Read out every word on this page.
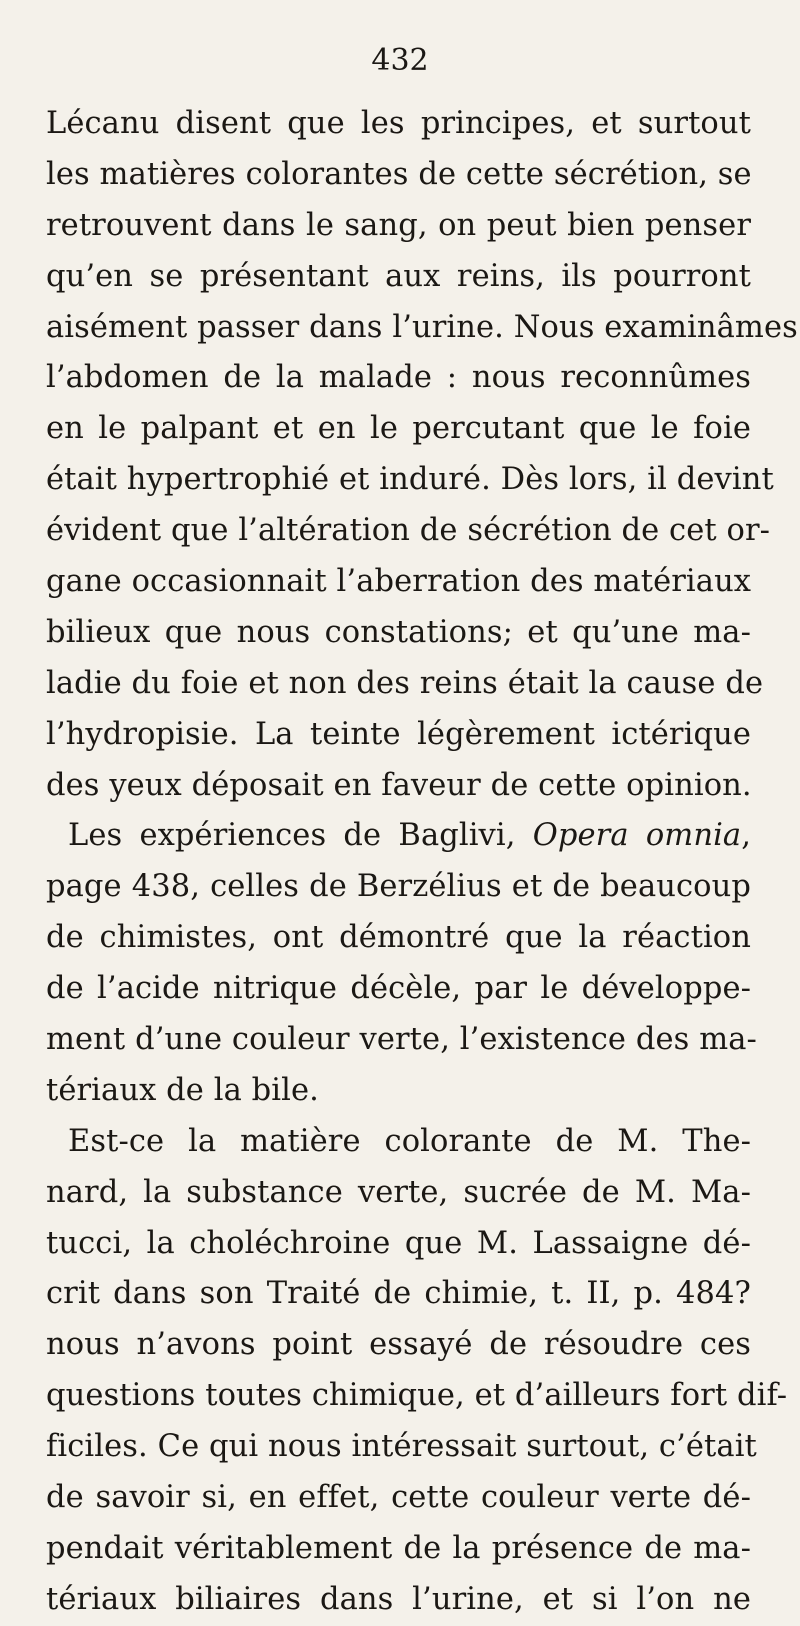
432
Lécanu disent que les principes, et surtout
les matières colorantes de cette sécrétion, se
retrouvent dans le sang, on peut bien penser
qu’en se présentant aux reins, ils pourront
aisément passer dans l’urine. Nous examinâmes
l’abdomen de la malade : nous reconnûmes
en le palpant et en le percutant que le foie
était hypertrophié et induré. Dès lors, il devint
évident que l’altération de sécrétion de cet or-
gane occasionnait l’aberration des matériaux
bilieux que nous constations; et qu’une ma-
ladie du foie et non des reins était la cause de
l’hydropisie. La teinte légèrement ictérique
des yeux déposait en faveur de cette opinion.
Les expériences de Baglivi, Opera omnia,
page 438, celles de Berzélius et de beaucoup
de chimistes, ont démontré que la réaction
de l’acide nitrique décèle, par le développe-
ment d’une couleur verte, l’existence des ma-
tériaux de la bile.
Est-ce la matière colorante de M. The-
nard, la substance verte, sucrée de M. Ma-
tucci, la choléchroine que M. Lassaigne dé-
crit dans son Traité de chimie, t. II, p. 484?
nous n’avons point essayé de résoudre ces
questions toutes chimique, et d’ailleurs fort dif-
ficiles. Ce qui nous intéressait surtout, c’était
de savoir si, en effet, cette couleur verte dé-
pendait véritablement de la présence de ma-
tériaux biliaires dans l’urine, et si l’on ne
